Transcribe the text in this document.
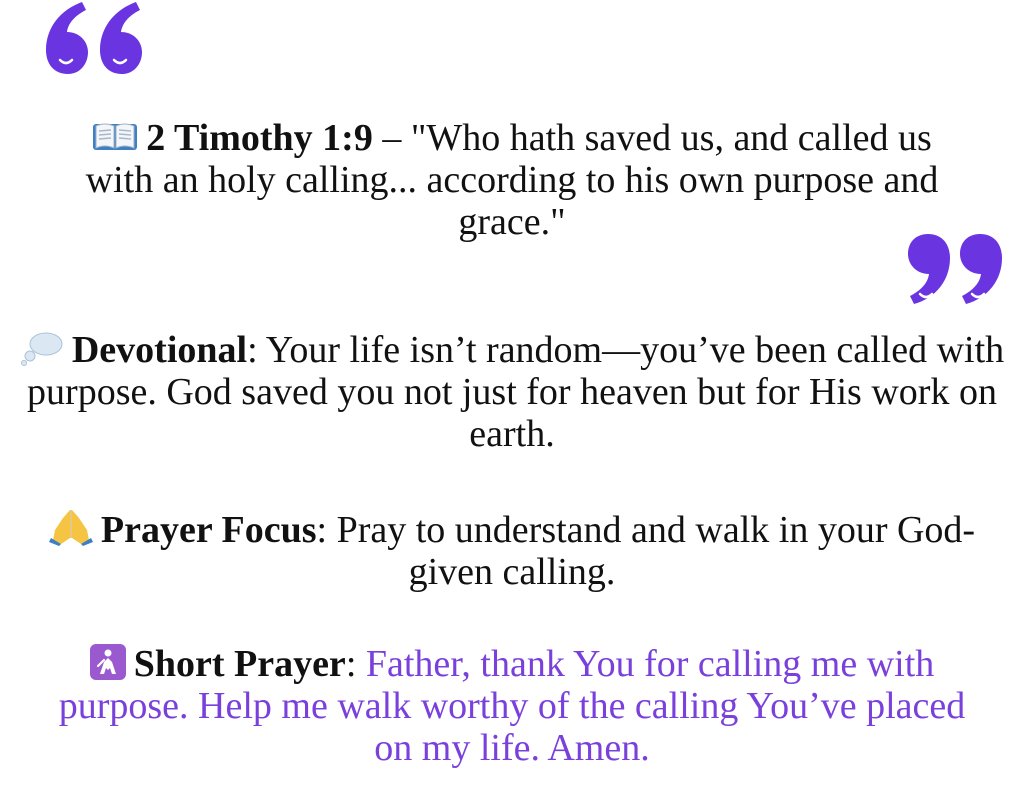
2 Timothy 1:9 – "Who hath saved us, and called us with an holy calling... according to his own purpose and grace."
Devotional: Your life isn’t random—you’ve been called with purpose. God saved you not just for heaven but for His work on earth.
Prayer Focus: Pray to understand and walk in your God-given calling.
Short Prayer: Father, thank You for calling me with purpose. Help me walk worthy of the calling You’ve placed on my life. Amen.
